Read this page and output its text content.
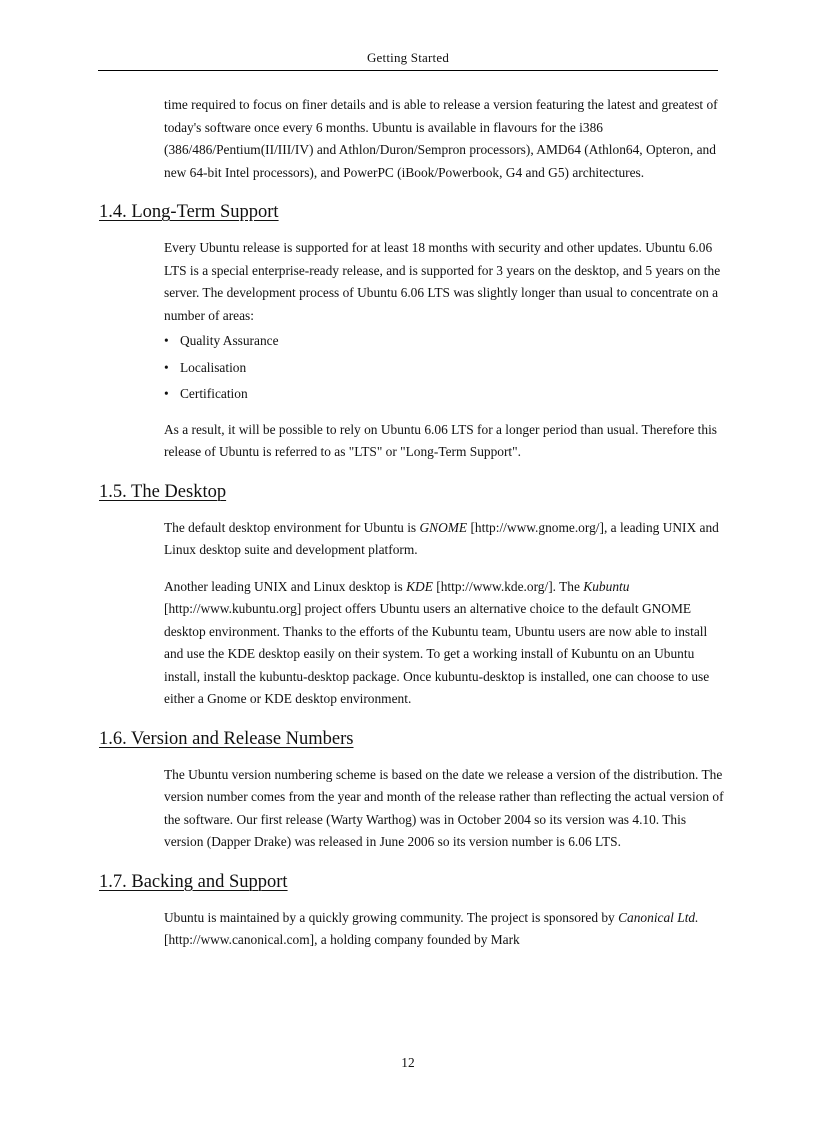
Getting Started

time required to focus on finer details and is able to release a version featuring the latest and greatest of today's software once every 6 months. Ubuntu is available in flavours for the i386 (386/486/Pentium(II/III/IV) and Athlon/Duron/Sempron processors), AMD64 (Athlon64, Opteron, and new 64-bit Intel processors), and PowerPC (iBook/Powerbook, G4 and G5) architectures.

1.4. Long-Term Support

Every Ubuntu release is supported for at least 18 months with security and other updates. Ubuntu 6.06 LTS is a special enterprise-ready release, and is supported for 3 years on the desktop, and 5 years on the server. The development process of Ubuntu 6.06 LTS was slightly longer than usual to concentrate on a number of areas:

• Quality Assurance
• Localisation
• Certification

As a result, it will be possible to rely on Ubuntu 6.06 LTS for a longer period than usual. Therefore this release of Ubuntu is referred to as "LTS" or "Long-Term Support".

1.5. The Desktop

The default desktop environment for Ubuntu is GNOME [http://www.gnome.org/], a leading UNIX and Linux desktop suite and development platform.

Another leading UNIX and Linux desktop is KDE [http://www.kde.org/]. The Kubuntu [http://www.kubuntu.org] project offers Ubuntu users an alternative choice to the default GNOME desktop environment. Thanks to the efforts of the Kubuntu team, Ubuntu users are now able to install and use the KDE desktop easily on their system. To get a working install of Kubuntu on an Ubuntu install, install the kubuntu-desktop package. Once kubuntu-desktop is installed, one can choose to use either a Gnome or KDE desktop environment.

1.6. Version and Release Numbers

The Ubuntu version numbering scheme is based on the date we release a version of the distribution. The version number comes from the year and month of the release rather than reflecting the actual version of the software. Our first release (Warty Warthog) was in October 2004 so its version was 4.10. This version (Dapper Drake) was released in June 2006 so its version number is 6.06 LTS.

1.7. Backing and Support

Ubuntu is maintained by a quickly growing community. The project is sponsored by Canonical Ltd. [http://www.canonical.com], a holding company founded by Mark

12
